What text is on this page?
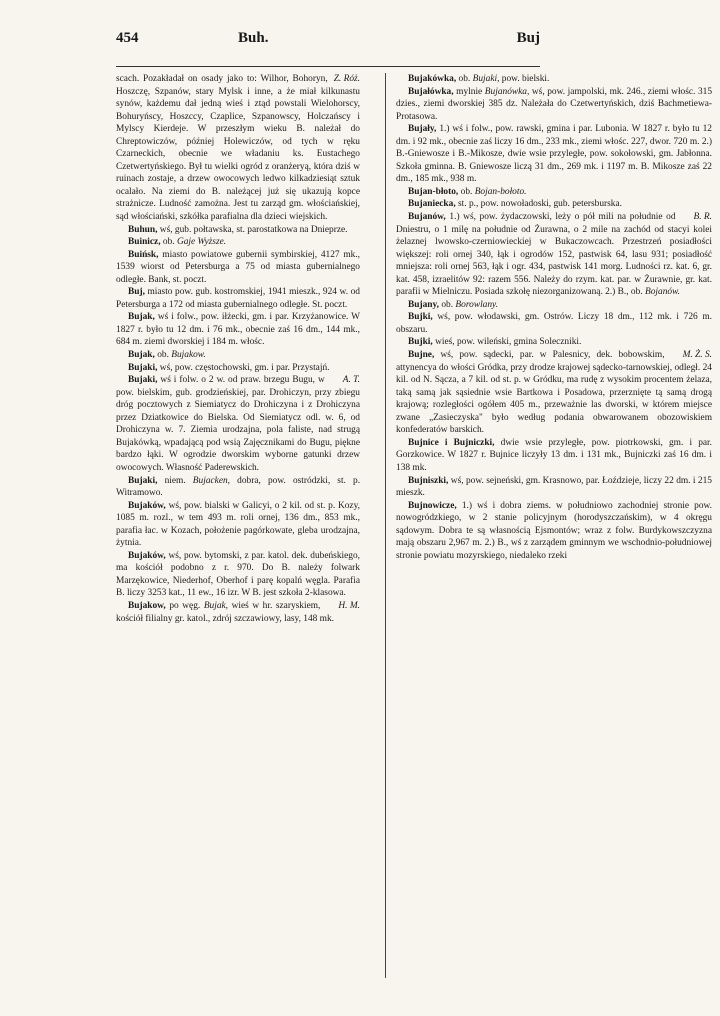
454	Buh.	Buj

Z. Róż.
scach. Pozakładał on osady jako to: Wilhor, Bohoryn, Hoszczę, Szpanów, stary Mylsk i inne, a że miał kilkunastu synów, każdemu dał jedną wieś i ztąd powstali Wielohorscy, Bohuryńscy, Hoszccy, Czaplice, Szpanowscy, Holczańscy i Mylscy Kierdeje. W przeszłym wieku B. należał do Chreptowiczów, później Holewiczów, od tych w ręku Czarneckich, obecnie we władaniu ks. Eustachego Czetwertyńskiego. Był tu wielki ogród z oranżeryą, która dziś w ruinach zostaje, a drzew owocowych ledwo kilkadziesiąt sztuk ocalało. Na ziemi do B. należącej już się ukazują kopce strażnicze. Ludność zamożna. Jest tu zarząd gm. włościańskiej, sąd włościański, szkółka parafialna dla dzieci wiejskich.

Buhun, wś, gub. połtawska, st. parostatkowa na Dnieprze.

Buinicz, ob. Gaje Wyższe.

Buińsk, miasto powiatowe gubernii symbirskiej, 4127 mk., 1539 wiorst od Petersburga a 75 od miasta gubernialnego odległe. Bank, st. poczt.

Buj, miasto pow. gub. kostromskiej, 1941 mieszk., 924 w. od Petersburga a 172 od miasta gubernialnego odległe. St. poczt.

Bujak, wś i folw., pow. iłżecki, gm. i par. Krzyżanowice. W 1827 r. było tu 12 dm. i 76 mk., obecnie zaś 16 dm., 144 mk., 684 m. ziemi dworskiej i 184 m. włośc.

Bujak, ob. Bujakow.

Bujaki, wś, pow. częstochowski, gm. i par. Przystajń.

A. T.
Bujaki, wś i folw. o 2 w. od praw. brzegu Bugu, w pow. bielskim, gub. grodzieńskiej, par. Drohiczyn, przy zbiegu dróg pocztowych z Siemiatycz do Drohiczyna i z Drohiczyna przez Dziatkowice do Bielska. Od Siemiatycz odl. w. 6, od Drohiczyna w. 7. Ziemia urodzajna, pola faliste, nad strugą Bujakówką, wpadającą pod wsią Zajęcznikami do Bugu, piękne bardzo łąki. W ogrodzie dworskim wyborne gatunki drzew owocowych. Własność Paderewskich.

Bujaki, niem. Bujacken, dobra, pow. ostródzki, st. p. Witramowo.

Bujaków, wś, pow. bialski w Galicyi, o 2 kil. od st. p. Kozy, 1085 m. rozl., w tem 493 m. roli ornej, 136 dm., 853 mk., parafia łac. w Kozach, położenie pagórkowate, gleba urodzajna, żytnia.

Bujaków, wś, pow. bytomski, z par. katol. dek. dubeńskiego, ma kościół podobno z r. 970. Do B. należy folwark Marzękowice, Niederhof, Oberhof i parę kopalń węgla. Parafia B. liczy 3253 kat., 11 ew., 16 izr. W B. jest szkoła 2-klasowa.

H. M.
Bujakow, po węg. Bujak, wieś w hr. szaryskiem, kościół filialny gr. katol., zdrój szczawiowy, lasy, 148 mk.

Bujakówka, ob. Bujaki, pow. bielski.

Bujałówka, mylnie Bujanówka, wś, pow. jampolski, mk. 246., ziemi włośc. 315 dzies., ziemi dworskiej 385 dz. Należała do Czetwertyńskich, dziś Bachmetiewa-Protasowa.

Bujały, 1.) wś i folw., pow. rawski, gmina i par. Lubonia. W 1827 r. było tu 12 dm. i 92 mk., obecnie zaś liczy 16 dm., 233 mk., ziemi włośc. 227, dwor. 720 m. 2.) B.-Gniewosze i B.-Mikosze, dwie wsie przyległe, pow. sokołowski, gm. Jabłonna. Szkoła gminna. B. Gniewosze liczą 31 dm., 269 mk. i 1197 m. B. Mikosze zaś 22 dm., 185 mk., 938 m.

Bujan-błoto, ob. Bojan-bołoto.

Bujaniecka, st. p., pow. nowoładoski, gub. petersburska.

B. R.
Bujanów, 1.) wś, pow. żydaczowski, leży o pół mili na południe od Dniestru, o 1 milę na południe od Żurawna, o 2 mile na zachód od stacyi kolei żelaznej lwowsko-czerniowieckiej w Bukaczowcach. Przestrzeń posiadłości większej: roli ornej 340, łąk i ogrodów 152, pastwisk 64, lasu 931; posiadłość mniejsza: roli ornej 563, łąk i ogr. 434, pastwisk 141 morg. Ludności rz. kat. 6, gr. kat. 458, izraelitów 92: razem 556. Należy do rzym. kat. par. w Żurawnie, gr. kat. parafii w Mielniczu. Posiada szkołę niezorganizowaną. 2.) B., ob. Bojanów.

Bujany, ob. Borowlany.

Bujki, wś, pow. włodawski, gm. Ostrów. Liczy 18 dm., 112 mk. i 726 m. obszaru.

Bujki, wieś, pow. wileński, gmina Soleczniki.

M. Ż. S.
Bujne, wś, pow. sądecki, par. w Palesnicy, dek. bobowskim, attynencya do włości Gródka, przy drodze krajowej sądecko-tarnowskiej, odległ. 24 kil. od N. Sącza, a 7 kil. od st. p. w Gródku, ma rudę z wysokim procentem żelaza, taką samą jak sąsiednie wsie Bartkowa i Posadowa, przerznięte tą samą drogą krajową; rozległości ogółem 405 m., przeważnie las dworski, w którem miejsce zwane „Zasieczyska" było według podania obwarowanem obozowiskiem konfederatów barskich.

Bujnice i Bujniczki, dwie wsie przyległe, pow. piotrkowski, gm. i par. Gorzkowice. W 1827 r. Bujnice liczyły 13 dm. i 131 mk., Bujniczki zaś 16 dm. i 138 mk.

Bujniszki, wś, pow. sejneński, gm. Krasnowo, par. Łoździeje, liczy 22 dm. i 215 mieszk.

Bujnowicze, 1.) wś i dobra ziems. w południowo zachodniej stronie pow. nowogródzkiego, w 2 stanie policyjnym (horodyszczańskim), w 4 okręgu sądowym. Dobra te są własnością Ejsmontów; wraz z folw. Burdykowszczyzna mają obszaru 2,967 m. 2.) B., wś z zarządem gminnym we wschodnio-południowej stronie powiatu mozyrskiego, niedaleko rzeki
